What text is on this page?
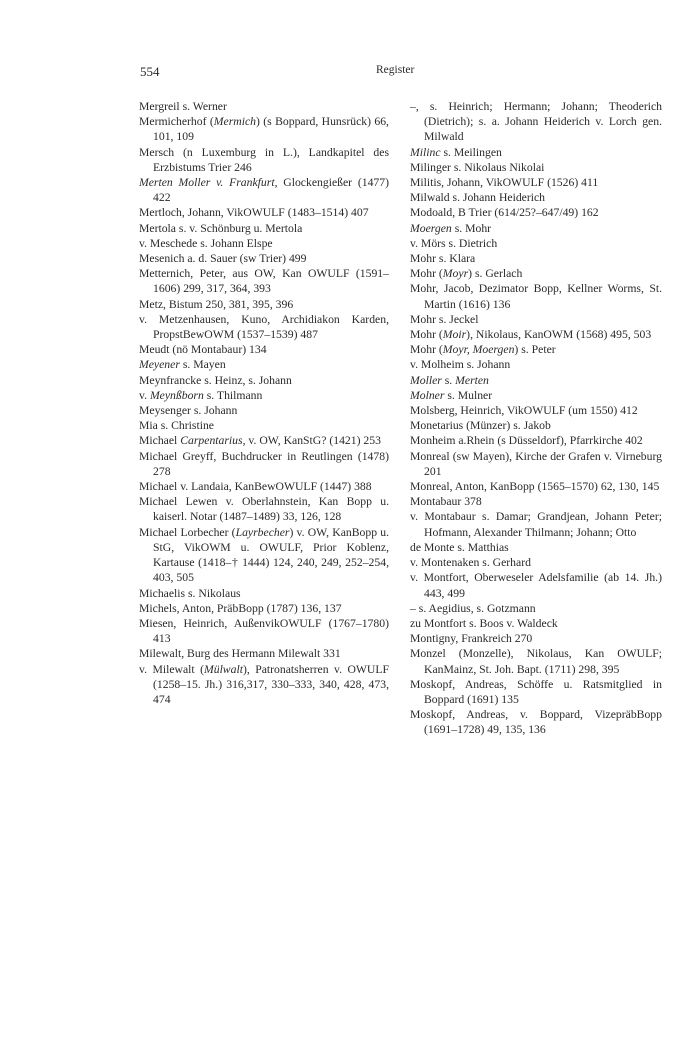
554	Register

Mergreil s. Werner

Mermicherhof (Mermich) (s Boppard, Hunsrück) 66, 101, 109

Mersch (n Luxemburg in L.), Landkapitel des Erzbistums Trier 246

Merten Moller v. Frankfurt, Glockengießer (1477) 422

Mertloch, Johann, VikOWULF (1483–1514) 407

Mertola s. v. Schönburg u. Mertola

v. Meschede s. Johann Elspe

Mesenich a. d. Sauer (sw Trier) 499

Metternich, Peter, aus OW, Kan OWULF (1591–1606) 299, 317, 364, 393

Metz, Bistum 250, 381, 395, 396

v. Metzenhausen, Kuno, Archidiakon Karden, PropstBewOWM (1537–1539) 487

Meudt (nö Montabaur) 134

Meyener s. Mayen

Meynfrancke s. Heinz, s. Johann

v. Meynßborn s. Thilmann

Meysenger s. Johann

Mia s. Christine

Michael Carpentarius, v. OW, KanStG? (1421) 253

Michael Greyff, Buchdrucker in Reutlingen (1478) 278

Michael v. Landaia, KanBewOWULF (1447) 388

Michael Lewen v. Oberlahnstein, Kan Bopp u. kaiserl. Notar (1487–1489) 33, 126, 128

Michael Lorbecher (Layrbecher) v. OW, KanBopp u. StG, VikOWM u. OWULF, Prior Koblenz, Kartause (1418–† 1444) 124, 240, 249, 252–254, 403, 505

Michaelis s. Nikolaus

Michels, Anton, PräbBopp (1787) 136, 137

Miesen, Heinrich, AußenvikOWULF (1767–1780) 413

Milewalt, Burg des Hermann Milewalt 331

v. Milewalt (Mülwalt), Patronatsherren v. OWULF (1258–15. Jh.) 316,317, 330–333, 340, 428, 473, 474

–, s. Heinrich; Hermann; Johann; Theoderich (Dietrich); s. a. Johann Heiderich v. Lorch gen. Milwald

Milinc s. Meilingen

Milinger s. Nikolaus Nikolai

Militis, Johann, VikOWULF (1526) 411

Milwald s. Johann Heiderich

Modoald, B Trier (614/25?–647/49) 162

Moergen s. Mohr

v. Mörs s. Dietrich

Mohr s. Klara

Mohr (Moyr) s. Gerlach

Mohr, Jacob, Dezimator Bopp, Kellner Worms, St. Martin (1616) 136

Mohr s. Jeckel

Mohr (Moir), Nikolaus, KanOWM (1568) 495, 503

Mohr (Moyr, Moergen) s. Peter

v. Molheim s. Johann

Moller s. Merten

Molner s. Mulner

Molsberg, Heinrich, VikOWULF (um 1550) 412

Monetarius (Münzer) s. Jakob

Monheim a.Rhein (s Düsseldorf), Pfarrkirche 402

Monreal (sw Mayen), Kirche der Grafen v. Virneburg 201

Monreal, Anton, KanBopp (1565–1570) 62, 130, 145

Montabaur 378

v. Montabaur s. Damar; Grandjean, Johann Peter; Hofmann, Alexander Thilmann; Johann; Otto

de Monte s. Matthias

v. Montenaken s. Gerhard

v. Montfort, Oberweseler Adelsfamilie (ab 14. Jh.) 443, 499

– s. Aegidius, s. Gotzmann

zu Montfort s. Boos v. Waldeck

Montigny, Frankreich 270

Monzel (Monzelle), Nikolaus, Kan OWULF; KanMainz, St. Joh. Bapt. (1711) 298, 395

Moskopf, Andreas, Schöffe u. Ratsmitglied in Boppard (1691) 135

Moskopf, Andreas, v. Boppard, VizepräbBopp (1691–1728) 49, 135, 136
